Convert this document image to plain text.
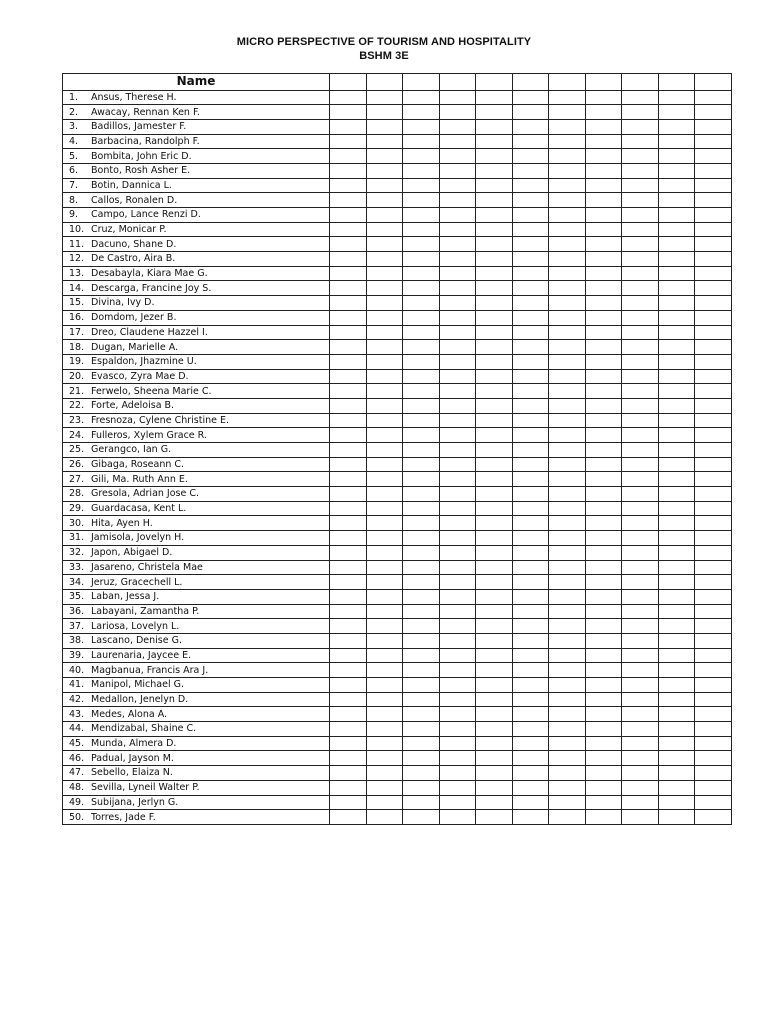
MICRO PERSPECTIVE OF TOURISM AND HOSPITALITY
BSHM 3E
Name											
1. Ansus, Therese H.											
2. Awacay, Rennan Ken F.											
3. Badillos, Jamester F.											
4. Barbacina, Randolph F.											
5. Bombita, John Eric D.											
6. Bonto, Rosh Asher E.											
7. Botin, Dannica L.											
8. Callos, Ronalen D.											
9. Campo, Lance Renzi D.											
10. Cruz, Monicar P.											
11. Dacuno, Shane D.											
12. De Castro, Aira B.											
13. Desabayla, Kiara Mae G.											
14. Descarga, Francine Joy S.											
15. Divina, Ivy D.											
16. Domdom, Jezer B.											
17. Dreo, Claudene Hazzel I.											
18. Dugan, Marielle A.											
19. Espaldon, Jhazmine U.											
20. Evasco, Zyra Mae D.											
21. Ferwelo, Sheena Marie C.											
22. Forte, Adeloisa B.											
23. Fresnoza, Cylene Christine E.											
24. Fulleros, Xylem Grace R.											
25. Gerangco, Ian G.											
26. Gibaga, Roseann C.											
27. Gili, Ma. Ruth Ann E.											
28. Gresola, Adrian Jose C.											
29. Guardacasa, Kent L.											
30. Hita, Ayen H.											
31. Jamisola, Jovelyn H.											
32. Japon, Abigael D.											
33. Jasareno, Christela Mae											
34. Jeruz, Gracechell L.											
35. Laban, Jessa J.											
36. Labayani, Zamantha P.											
37. Lariosa, Lovelyn L.											
38. Lascano, Denise G.											
39. Laurenaria, Jaycee E.											
40. Magbanua, Francis Ara J.											
41. Manipol, Michael G.											
42. Medallon, Jenelyn D.											
43. Medes, Alona A.											
44. Mendizabal, Shaine C.											
45. Munda, Almera D.											
46. Padual, Jayson M.											
47. Sebello, Elaiza N.											
48. Sevilla, Lyneil Walter P.											
49. Subijana, Jerlyn G.											
50. Torres, Jade F.											
